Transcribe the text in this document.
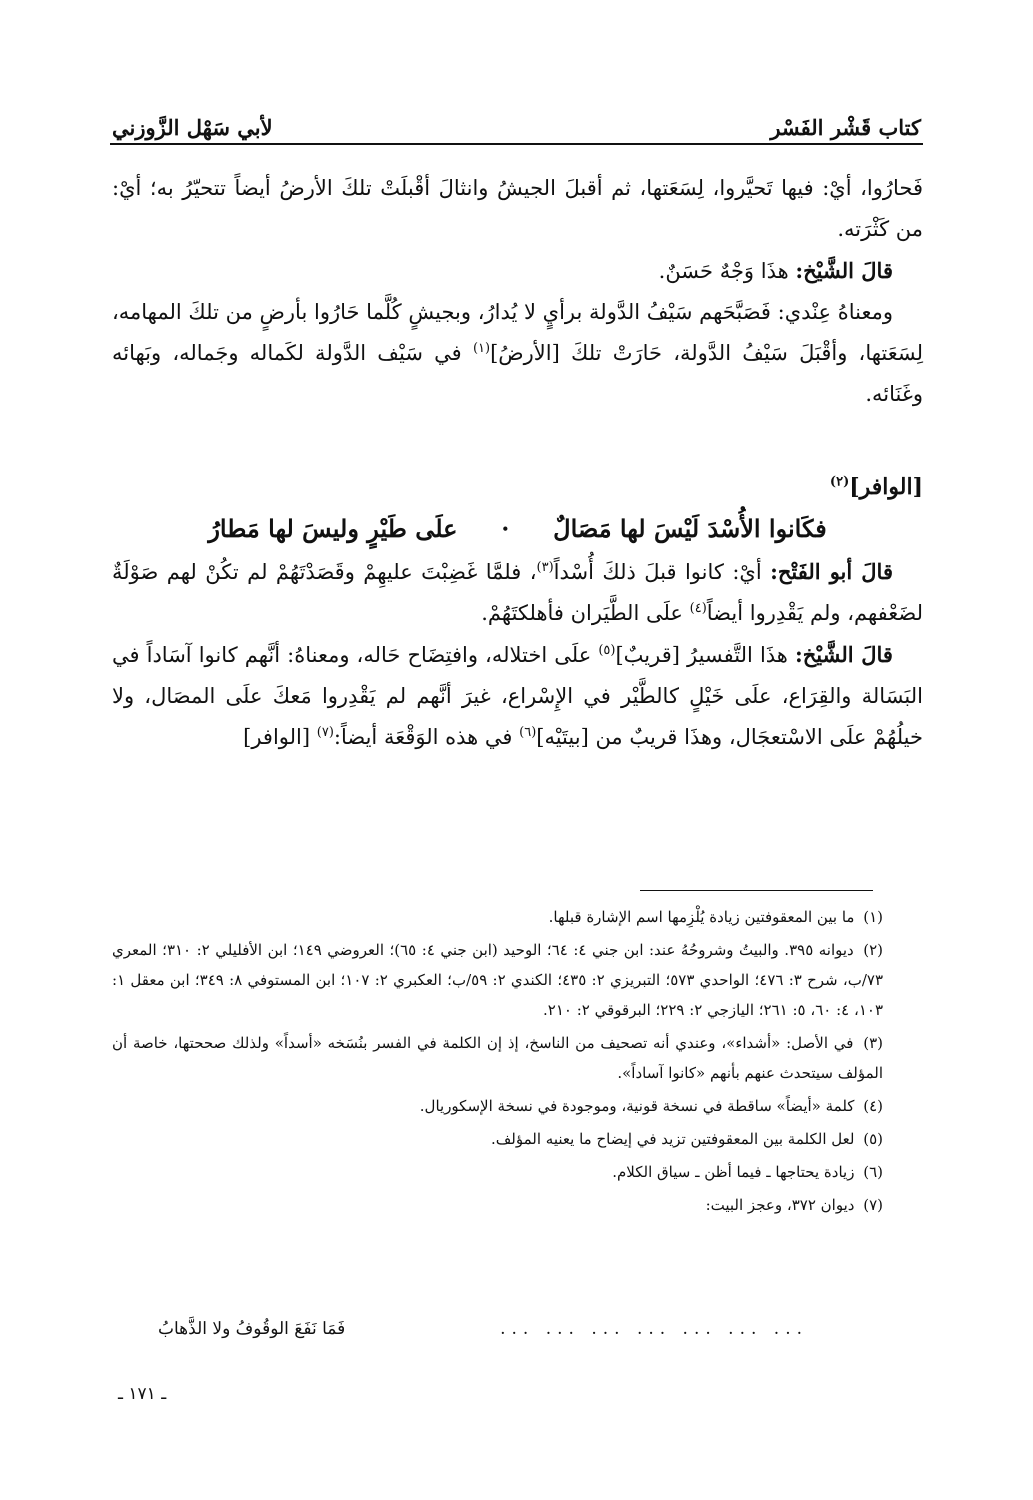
كتاب قَشْر الفَسْر
لأبي سَهْل الزَّوزني

فَحارُوا، أيْ: فيها تَحيَّروا، لِسَعَتها، ثم أقبلَ الجيشُ وانثالَ أقْبلَتْ تلكَ الأرضُ أيضاً تتحيّرُ به؛ أيْ: من كَثْرَته.

قالَ الشَّيْخ: هذَا وَجْهٌ حَسَنٌ.

ومعناهُ عِنْدي: فَصَبَّحَهم سَيْفُ الدَّولة برأيٍ لا يُدارُ، وبجيشٍ كُلَّما حَارُوا بأرضٍ من تلكَ المهامه، لِسَعَتها، وأقْبَلَ سَيْفُ الدَّولة، حَارَتْ تلكَ [الأرضُ]$^{(١)}$ في سَيْف الدَّولة لكَماله وجَماله، وبَهائه وغَنَائه.

[الوافر]$^{(٢)}$

فكَانوا الأُسْدَ لَيْسَ لها مَصَالٌ
•
علَى طَيْرٍ وليسَ لها مَطارُ

قالَ أبو الفَتْح: أيْ: كانوا قبلَ ذلكَ أُسْداً$^{(٣)}$، فلمَّا غَضِبْتَ عليهِمْ وقَصَدْتَهُمْ لم تكُنْ لهم صَوْلَةٌ لضَعْفهم، ولم يَقْدِروا أيضاً$^{(٤)}$ علَى الطَّيَران فأهلكتَهُمْ.

قالَ الشَّيْخ: هذَا التَّفسيرُ [قريبٌ]$^{(٥)}$ علَى اختلاله، وافتِضَاح حَاله، ومعناهُ: أنَّهم كانوا آسَاداً في البَسَالة والقِرَاع، علَى خَيْلٍ كالطَّيْر في الإِسْراع، غيرَ أنَّهم لم يَقْدِروا مَعكَ علَى المصَال، ولا خيلُهُمْ علَى الاسْتعجَال، وهذَا قريبٌ من [بيتَيْه]$^{(٦)}$ في هذه الوَقْعَة أيضاً:$^{(٧)}$ [الوافر]

(١) ما بين المعقوفتين زيادة يُلْزِمها اسم الإشارة قبلها.

(٢) ديوانه ٣٩٥. والبيتُ وشروحُهُ عند: ابن جني ٤: ٦٤؛ الوحيد (ابن جني ٤: ٦٥)؛ العروضي ١٤٩؛ ابن الأفليلي ٢: ٣١٠؛ المعري ٧٣/ب، شرح ٣: ٤٧٦؛ الواحدي ٥٧٣؛ التبريزي ٢: ٤٣٥؛ الكندي ٢: ٥٩/ب؛ العكبري ٢: ١٠٧؛ ابن المستوفي ٨: ٣٤٩؛ ابن معقل ١: ١٠٣، ٤: ٦٠، ٥: ٢٦١؛ اليازجي ٢: ٢٢٩؛ البرقوقي ٢: ٢١٠.

(٣) في الأصل: «أشداء»، وعندي أنه تصحيف من الناسخ، إذ إن الكلمة في الفسر بنُسَخه «أسداً» ولذلك صححتها، خاصة أن المؤلف سيتحدث عنهم بأنهم «كانوا آساداً».

(٤) كلمة «أيضاً» ساقطة في نسخة قونية، وموجودة في نسخة الإسكوريال.

(٥) لعل الكلمة بين المعقوفتين تزيد في إيضاح ما يعنيه المؤلف.

(٦) زيادة يحتاجها ـ فيما أظن ـ سياق الكلام.

(٧) ديوان ٣٧٢، وعجز البيت:

... ... ... ... ... ... ...
فَمَا نَفَعَ الوقُوفُ ولا الذَّهابُ
ـ ١٧١ ـ
